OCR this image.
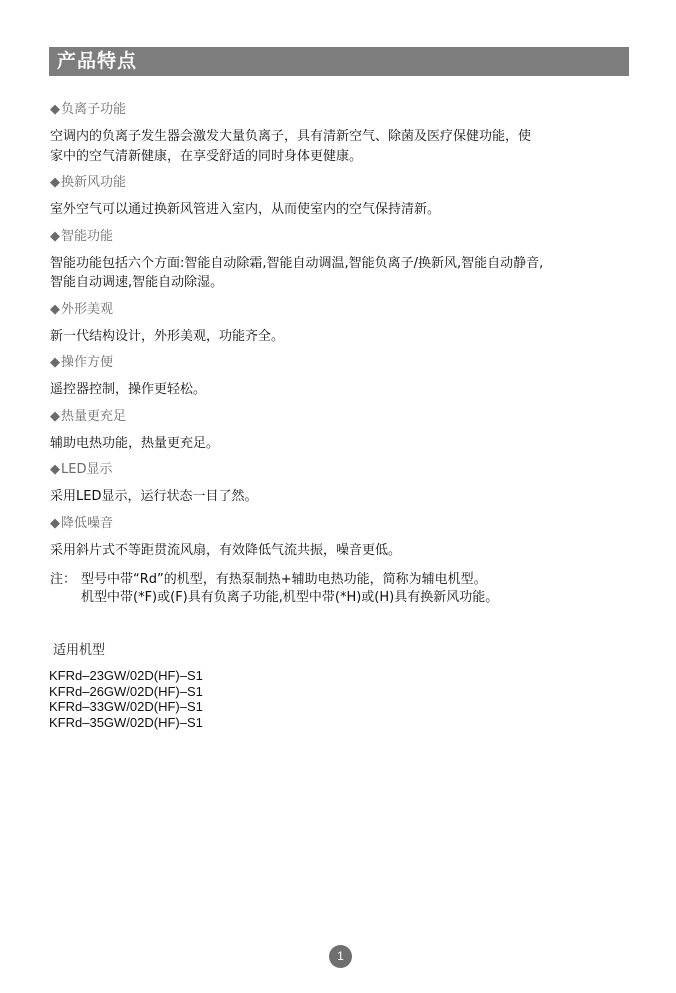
产品特点
◆负离子功能
空调内的负离子发生器会激发大量负离子，具有清新空气、除菌及医疗保健功能，使
家中的空气清新健康，在享受舒适的同时身体更健康。
◆换新风功能
室外空气可以通过换新风管进入室内，从而使室内的空气保持清新。
◆智能功能
智能功能包括六个方面:智能自动除霜,智能自动调温,智能负离子/换新风,智能自动静音,
智能自动调速,智能自动除湿。
◆外形美观
新一代结构设计，外形美观，功能齐全。
◆操作方便
遥控器控制，操作更轻松。
◆热量更充足
辅助电热功能，热量更充足。
◆LED显示
采用LED显示，运行状态一目了然。
◆降低噪音
采用斜片式不等距贯流风扇，有效降低气流共振，噪音更低。
注： 型号中带“Rd”的机型，有热泵制热+辅助电热功能，简称为辅电机型。
机型中带(*F)或(F)具有负离子功能,机型中带(*H)或(H)具有换新风功能。
适用机型
KFRd–23GW/02D(HF)–S1
KFRd–26GW/02D(HF)–S1
KFRd–33GW/02D(HF)–S1
KFRd–35GW/02D(HF)–S1
1
